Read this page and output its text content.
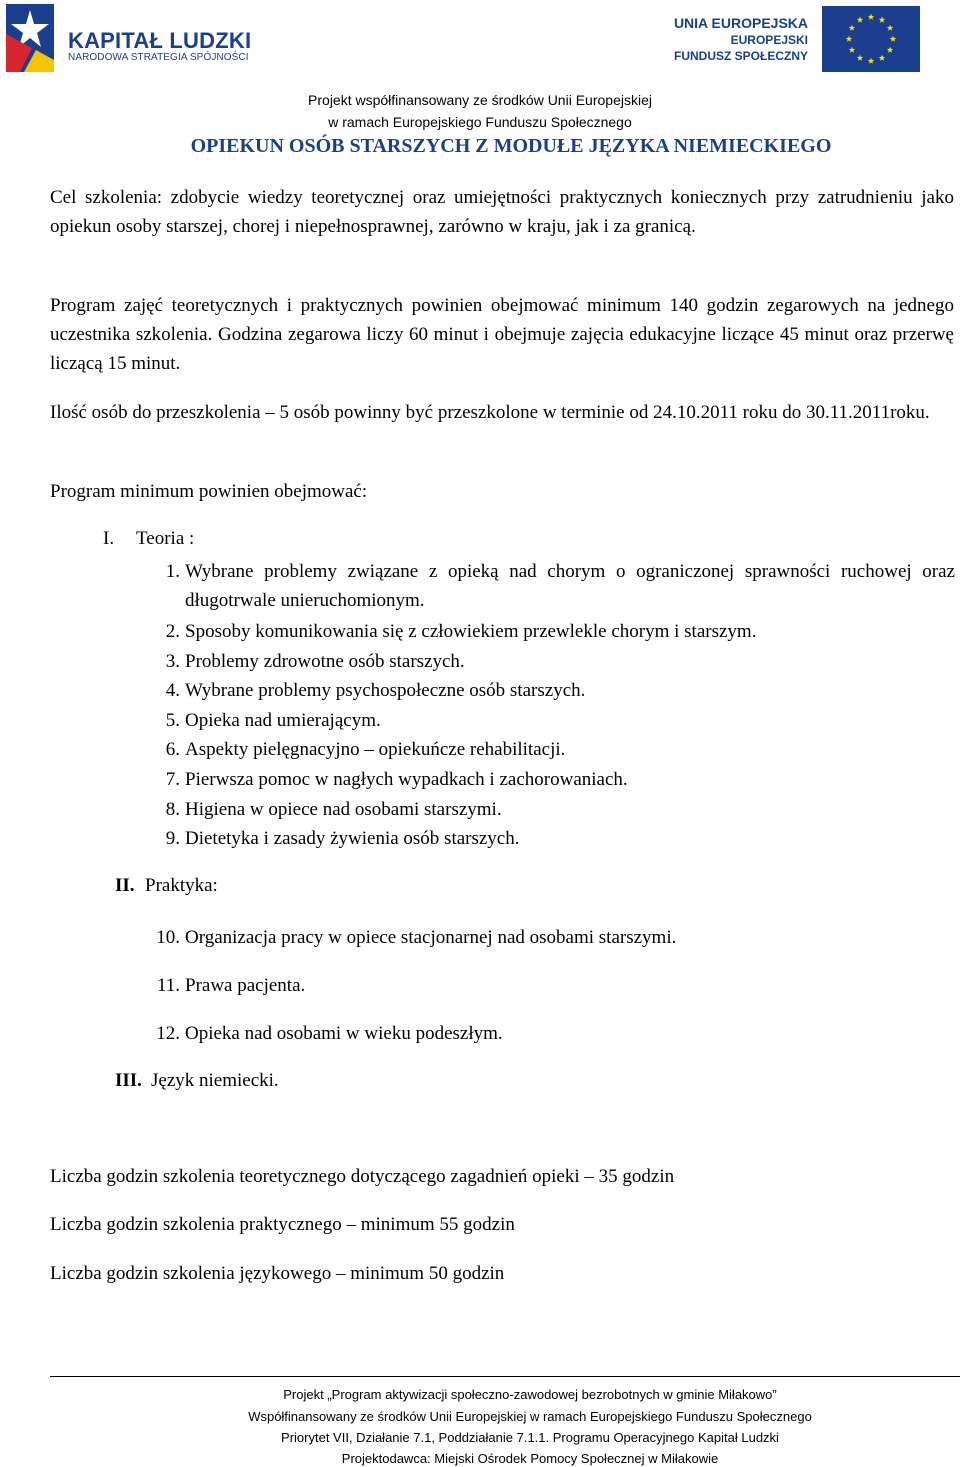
KAPITAŁ LUDZKI
NARODOWA STRATEGIA SPÓJNOŚCI
UNIA EUROPEJSKA
EUROPEJSKI
FUNDUSZ SPOŁECZNY
Projekt współfinansowany ze środków Unii Europejskiej
w ramach Europejskiego Funduszu Społecznego
OPIEKUN OSÓB STARSZYCH Z MODUŁE JĘZYKA NIEMIECKIEGO
Cel szkolenia: zdobycie wiedzy teoretycznej oraz umiejętności praktycznych koniecznych przy zatrudnieniu jako opiekun osoby starszej, chorej i niepełnosprawnej, zarówno w kraju, jak i za granicą.
Program zajęć teoretycznych i praktycznych powinien obejmować minimum 140 godzin zegarowych na jednego uczestnika szkolenia. Godzina zegarowa liczy 60 minut i obejmuje zajęcia edukacyjne liczące 45 minut oraz przerwę liczącą 15 minut.
Ilość osób do przeszkolenia – 5 osób powinny być przeszkolone w terminie od 24.10.2011 roku do 30.11.2011roku.
Program minimum powinien obejmować:
I. Teoria :
1. Wybrane problemy związane z opieką nad chorym o ograniczonej sprawności ruchowej oraz długotrwale unieruchomionym.
2. Sposoby komunikowania się z człowiekiem przewlekle chorym i starszym.
3. Problemy zdrowotne osób starszych.
4. Wybrane problemy psychospołeczne osób starszych.
5. Opieka nad umierającym.
6. Aspekty pielęgnacyjno – opiekuńcze rehabilitacji.
7. Pierwsza pomoc w nagłych wypadkach i zachorowaniach.
8. Higiena w opiece nad osobami starszymi.
9. Dietetyka i zasady żywienia osób starszych.
II. Praktyka:
10. Organizacja pracy w opiece stacjonarnej nad osobami starszymi.
11. Prawa pacjenta.
12. Opieka nad osobami w wieku podeszłym.
III. Język niemiecki.
Liczba godzin szkolenia teoretycznego dotyczącego zagadnień opieki – 35 godzin
Liczba godzin szkolenia praktycznego – minimum 55 godzin
Liczba godzin szkolenia językowego – minimum 50 godzin
Projekt „Program aktywizacji społeczno-zawodowej bezrobotnych w gminie Miłakowo”
Współfinansowany ze środków Unii Europejskiej w ramach Europejskiego Funduszu Społecznego
Priorytet VII, Działanie 7.1, Poddziałanie 7.1.1. Programu Operacyjnego Kapitał Ludzki
Projektodawca: Miejski Ośrodek Pomocy Społecznej w Miłakowie
